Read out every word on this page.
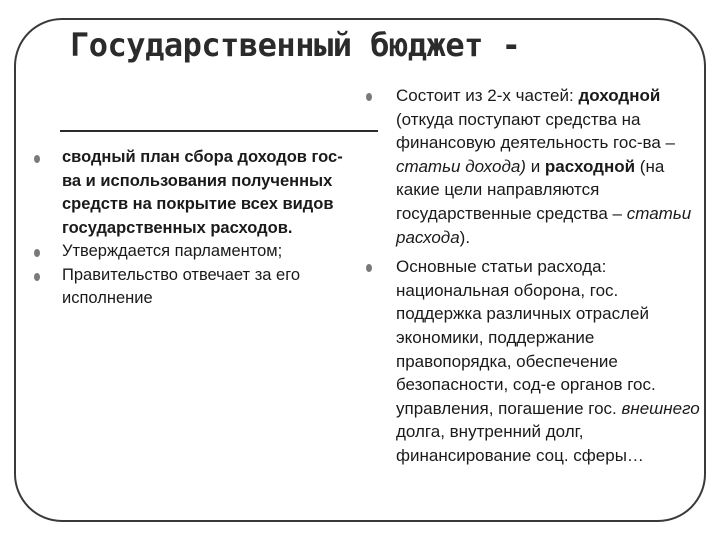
Государственный бюджет -
сводный план сбора доходов гос-ва и использования полученных средств на покрытие всех видов государственных расходов.
Утверждается парламентом;
Правительство отвечает за его исполнение
Состоит из 2-х частей: доходной (откуда поступают средства на финансовую деятельность гос-ва – статьи дохода) и расходной (на какие цели направляются государственные средства – статьи расхода).
Основные статьи расхода: национальная оборона, гос. поддержка различных отраслей экономики, поддержание правопорядка, обеспечение безопасности, сод-е органов гос. управления, погашение гос. внешнего долга, внутренний долг, финансирование соц. сферы…
